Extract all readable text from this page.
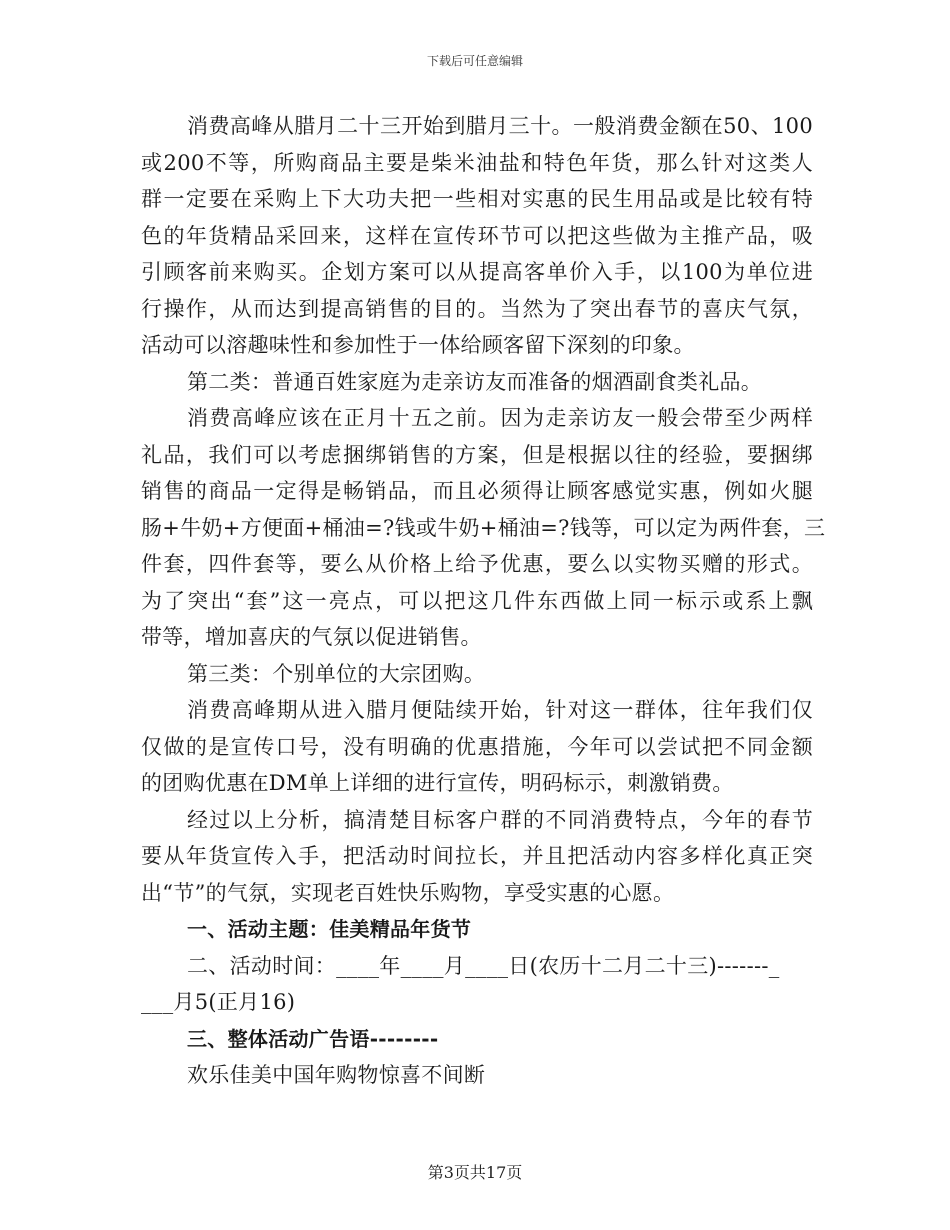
下载后可任意编辑
消费高峰从腊月二十三开始到腊月三十。一般消费金额在50、100
或200不等，所购商品主要是柴米油盐和特色年货，那么针对这类人
群一定要在采购上下大功夫把一些相对实惠的民生用品或是比较有特
色的年货精品采回来，这样在宣传环节可以把这些做为主推产品，吸
引顾客前来购买。企划方案可以从提高客单价入手，以100为单位进
行操作，从而达到提高销售的目的。当然为了突出春节的喜庆气氛，
活动可以溶趣味性和参加性于一体给顾客留下深刻的印象。
第二类：普通百姓家庭为走亲访友而准备的烟酒副食类礼品。
消费高峰应该在正月十五之前。因为走亲访友一般会带至少两样
礼品，我们可以考虑捆绑销售的方案，但是根据以往的经验，要捆绑
销售的商品一定得是畅销品，而且必须得让顾客感觉实惠，例如火腿
肠+牛奶+方便面+桶油=?钱或牛奶+桶油=?钱等，可以定为两件套，三
件套，四件套等，要么从价格上给予优惠，要么以实物买赠的形式。
为了突出“套”这一亮点，可以把这几件东西做上同一标示或系上飘
带等，增加喜庆的气氛以促进销售。
第三类：个别单位的大宗团购。
消费高峰期从进入腊月便陆续开始，针对这一群体，往年我们仅
仅做的是宣传口号，没有明确的优惠措施，今年可以尝试把不同金额
的团购优惠在DM单上详细的进行宣传，明码标示，刺激销费。
经过以上分析，搞清楚目标客户群的不同消费特点，今年的春节
要从年货宣传入手，把活动时间拉长，并且把活动内容多样化真正突
出“节”的气氛，实现老百姓快乐购物，享受实惠的心愿。
一、活动主题：佳美精品年货节
二、活动时间：____年____月____日(农历十二月二十三)-------_
___月5(正月16)
三、整体活动广告语--------
欢乐佳美中国年购物惊喜不间断
第3页共17页
